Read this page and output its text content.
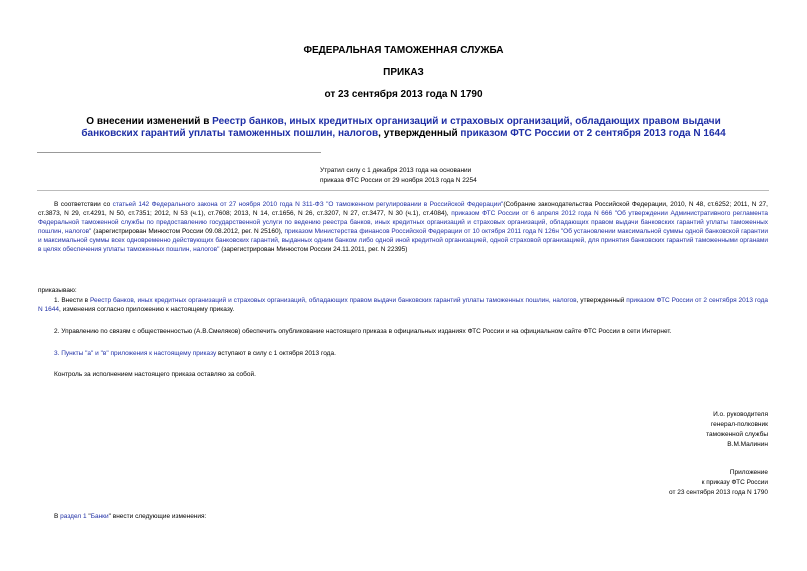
ФЕДЕРАЛЬНАЯ ТАМОЖЕННАЯ СЛУЖБА
ПРИКАЗ
от 23 сентября 2013 года N 1790
О внесении изменений в Реестр банков, иных кредитных организаций и страховых организаций, обладающих правом выдачи банковских гарантий уплаты таможенных пошлин, налогов, утвержденный приказом ФТС России от 2 сентября 2013 года N 1644
Утратил силу с 1 декабря 2013 года на основании
приказа ФТС России от 29 ноября 2013 года N 2254
В соответствии со статьей 142 Федерального закона от 27 ноября 2010 года N 311-ФЗ "О таможенном регулировании в Российской Федерации"(Собрание законодательства Российской Федерации, 2010, N 48, ст.6252; 2011, N 27, ст.3873, N 29, ст.4291, N 50, ст.7351; 2012, N 53 (ч.1), ст.7608; 2013, N 14, ст.1656, N 26, ст.3207, N 27, ст.3477, N 30 (ч.1), ст.4084), приказом ФТС России от 6 апреля 2012 года N 666 "Об утверждении Административного регламента Федеральной таможенной службы по предоставлению государственной услуги по ведению реестра банков, иных кредитных организаций и страховых организаций, обладающих правом выдачи банковских гарантий уплаты таможенных пошлин, налогов" (зарегистрирован Минюстом России 09.08.2012, рег. N 25160), приказом Министерства финансов Российской Федерации от 10 октября 2011 года N 126н "Об установлении максимальной суммы одной банковской гарантии и максимальной суммы всех одновременно действующих банковских гарантий, выданных одним банком либо одной иной кредитной организацией, одной страховой организацией, для принятия банковских гарантий таможенными органами в целях обеспечения уплаты таможенных пошлин, налогов" (зарегистрирован Минюстом России 24.11.2011, рег. N 22395)
приказываю:
1. Внести в Реестр банков, иных кредитных организаций и страховых организаций, обладающих правом выдачи банковских гарантий уплаты таможенных пошлин, налогов, утвержденный приказом ФТС России от 2 сентября 2013 года N 1644, изменения согласно приложению к настоящему приказу.
2. Управлению по связям с общественностью (А.В.Смеляков) обеспечить опубликование настоящего приказа в официальных изданиях ФТС России и на официальном сайте ФТС России в сети Интернет.
3. Пункты "а" и "в" приложения к настоящему приказу вступают в силу с 1 октября 2013 года.
Контроль за исполнением настоящего приказа оставляю за собой.
И.о. руководителя
генерал-полковник
таможенной службы
В.М.Малинин
Приложение
к приказу ФТС России
от 23 сентября 2013 года N 1790
В раздел 1 "Банки" внести следующие изменения:
